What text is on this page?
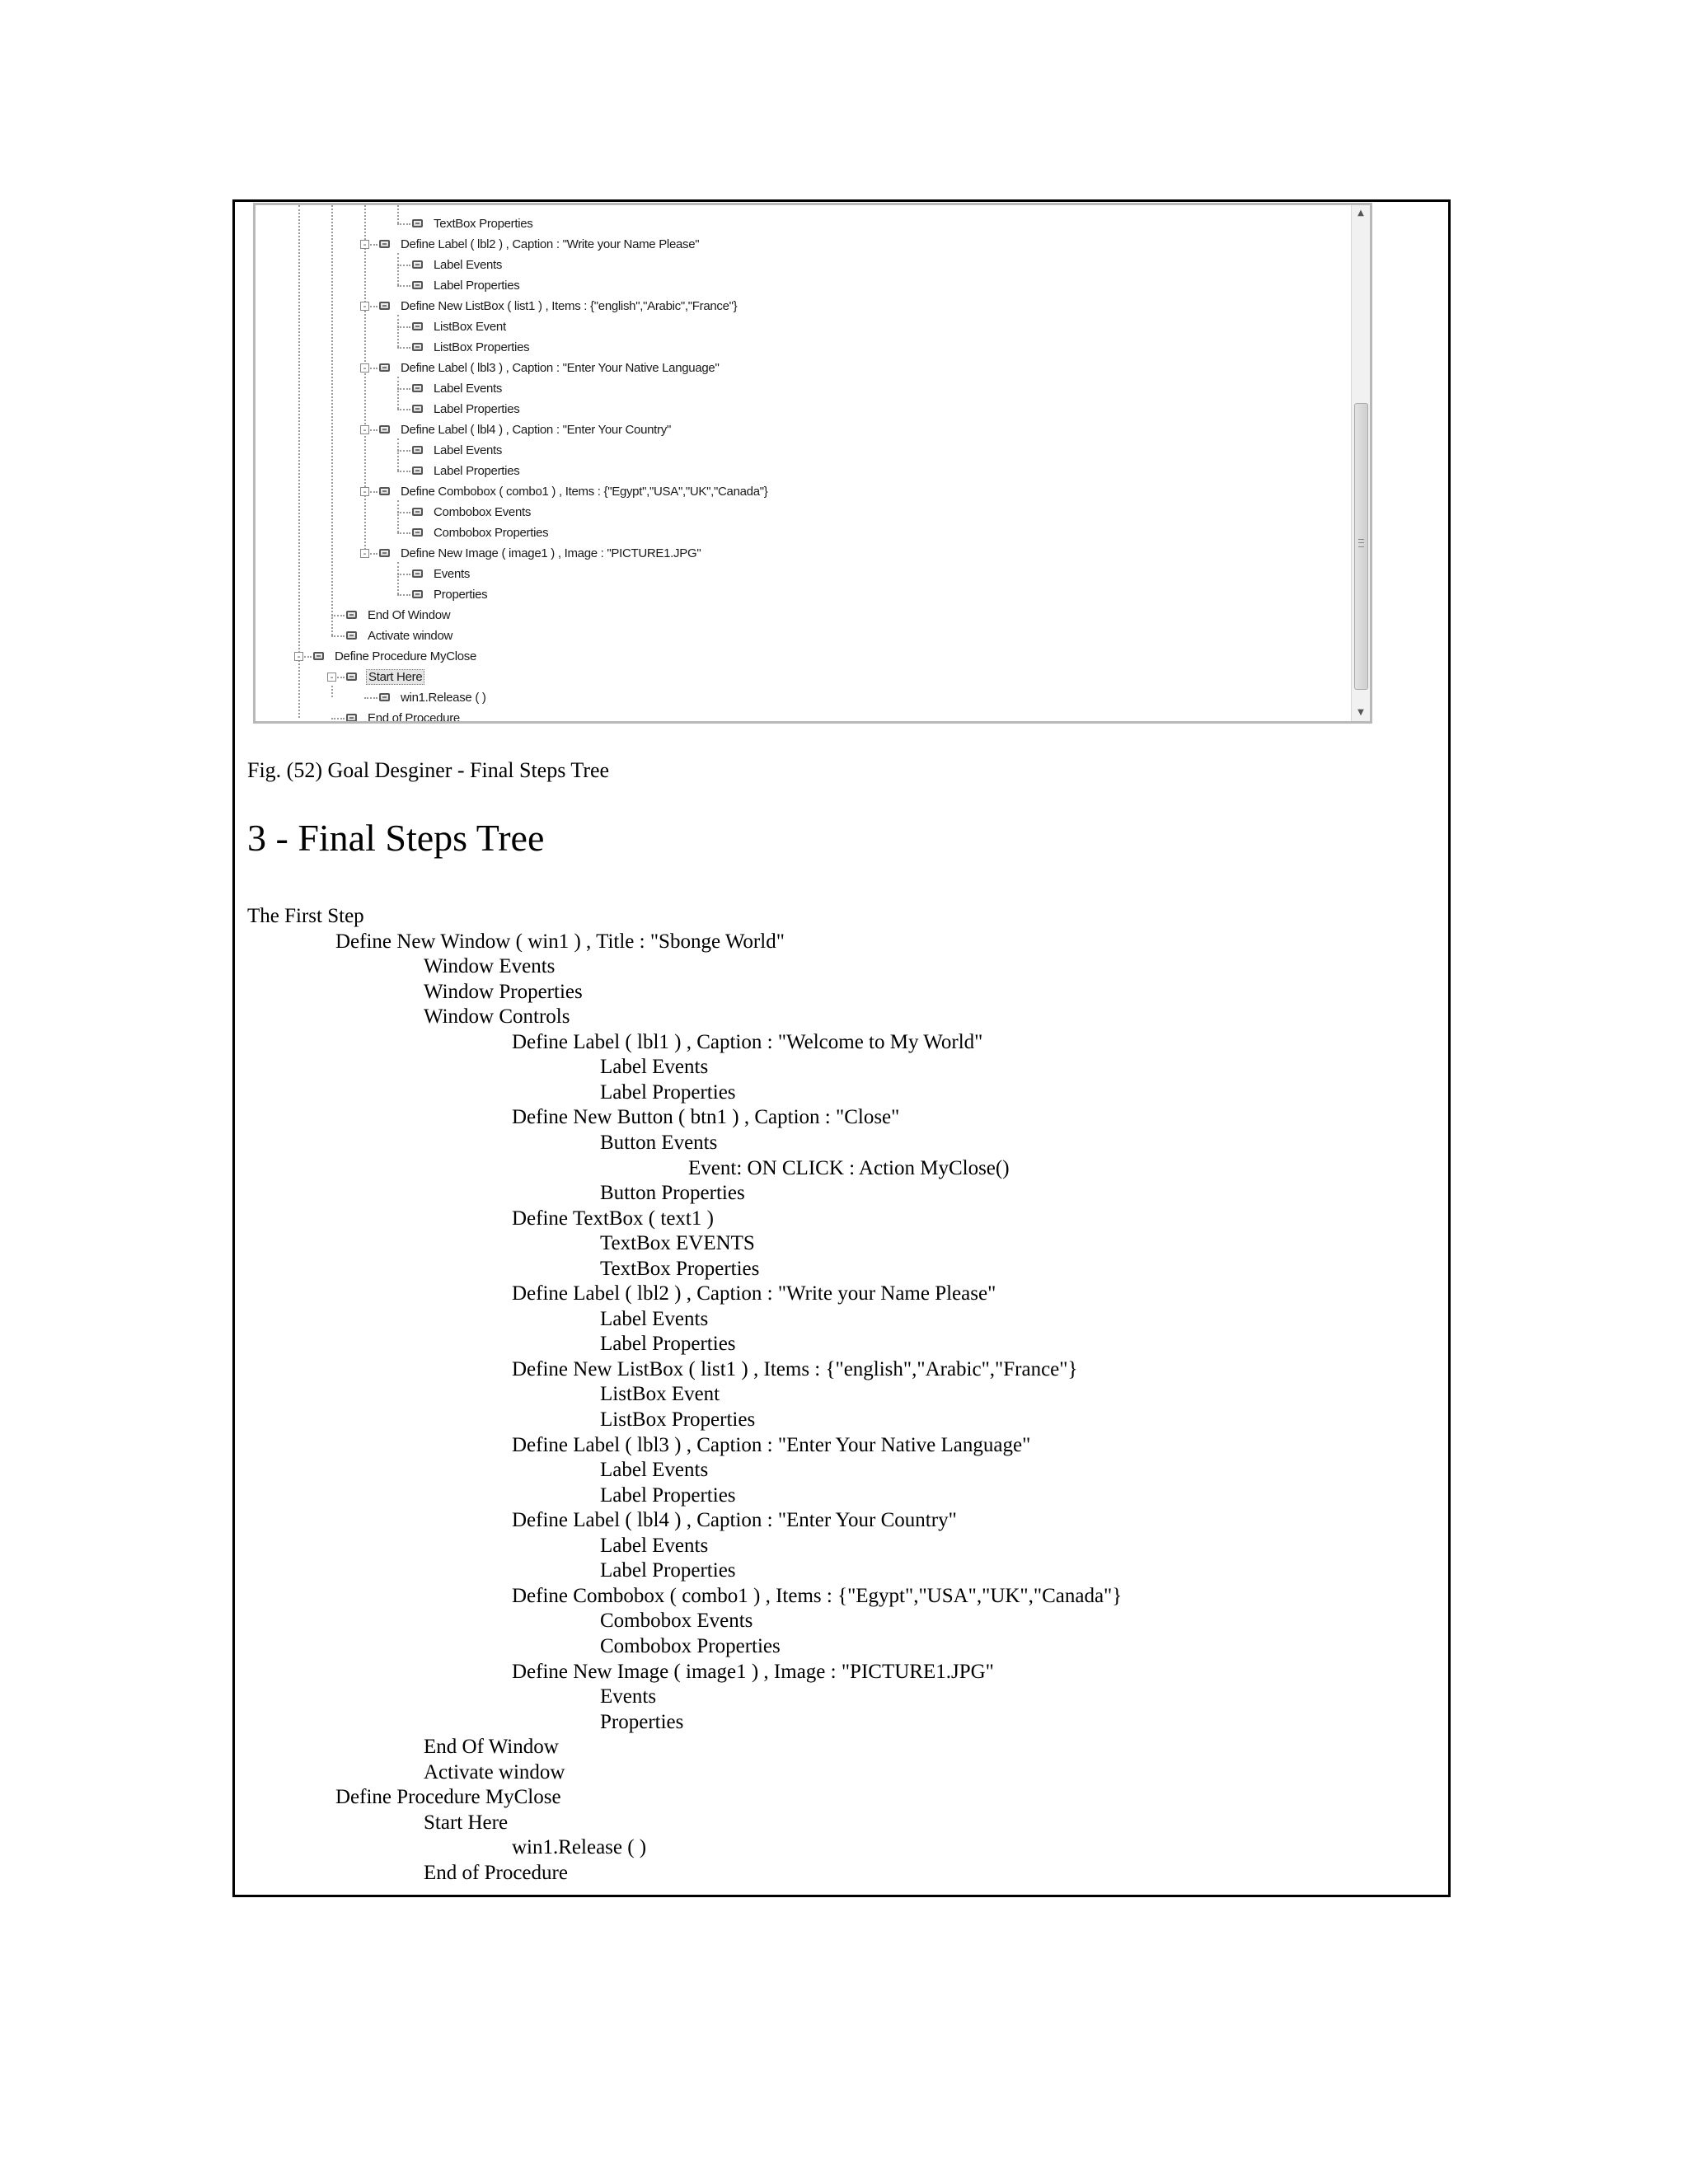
TextBox Properties
-	Define Label ( lbl2 ) , Caption : "Write your Name Please"
Label Events
Label Properties
-	Define New ListBox ( list1 ) , Items : {"english","Arabic","France"}
ListBox Event
ListBox Properties
-	Define Label ( lbl3 ) , Caption : "Enter Your Native Language"
Label Events
Label Properties
-	Define Label ( lbl4 ) , Caption : "Enter Your Country"
Label Events
Label Properties
-	Define Combobox ( combo1 ) , Items : {"Egypt","USA","UK","Canada"}
Combobox Events
Combobox Properties
-	Define New Image ( image1 ) , Image : "PICTURE1.JPG"
Events
Properties
End Of Window
Activate window
-	Define Procedure MyClose
-	Start Here
win1.Release ( )
End of Procedure
▲
▼
Fig. (52) Goal Desginer - Final Steps Tree
3 - Final Steps Tree
The First Step
Define New Window ( win1 ) , Title : "Sbonge World"
Window Events
Window Properties
Window Controls
Define Label ( lbl1 ) , Caption : "Welcome to My World"
Label Events
Label Properties
Define New Button ( btn1 ) , Caption : "Close"
Button Events
Event: ON CLICK : Action MyClose()
Button Properties
Define TextBox ( text1 )
TextBox EVENTS
TextBox Properties
Define Label ( lbl2 ) , Caption : "Write your Name Please"
Label Events
Label Properties
Define New ListBox ( list1 ) , Items : {"english","Arabic","France"}
ListBox Event
ListBox Properties
Define Label ( lbl3 ) , Caption : "Enter Your Native Language"
Label Events
Label Properties
Define Label ( lbl4 ) , Caption : "Enter Your Country"
Label Events
Label Properties
Define Combobox ( combo1 ) , Items : {"Egypt","USA","UK","Canada"}
Combobox Events
Combobox Properties
Define New Image ( image1 ) , Image : "PICTURE1.JPG"
Events
Properties
End Of Window
Activate window
Define Procedure MyClose
Start Here
win1.Release ( )
End of Procedure
